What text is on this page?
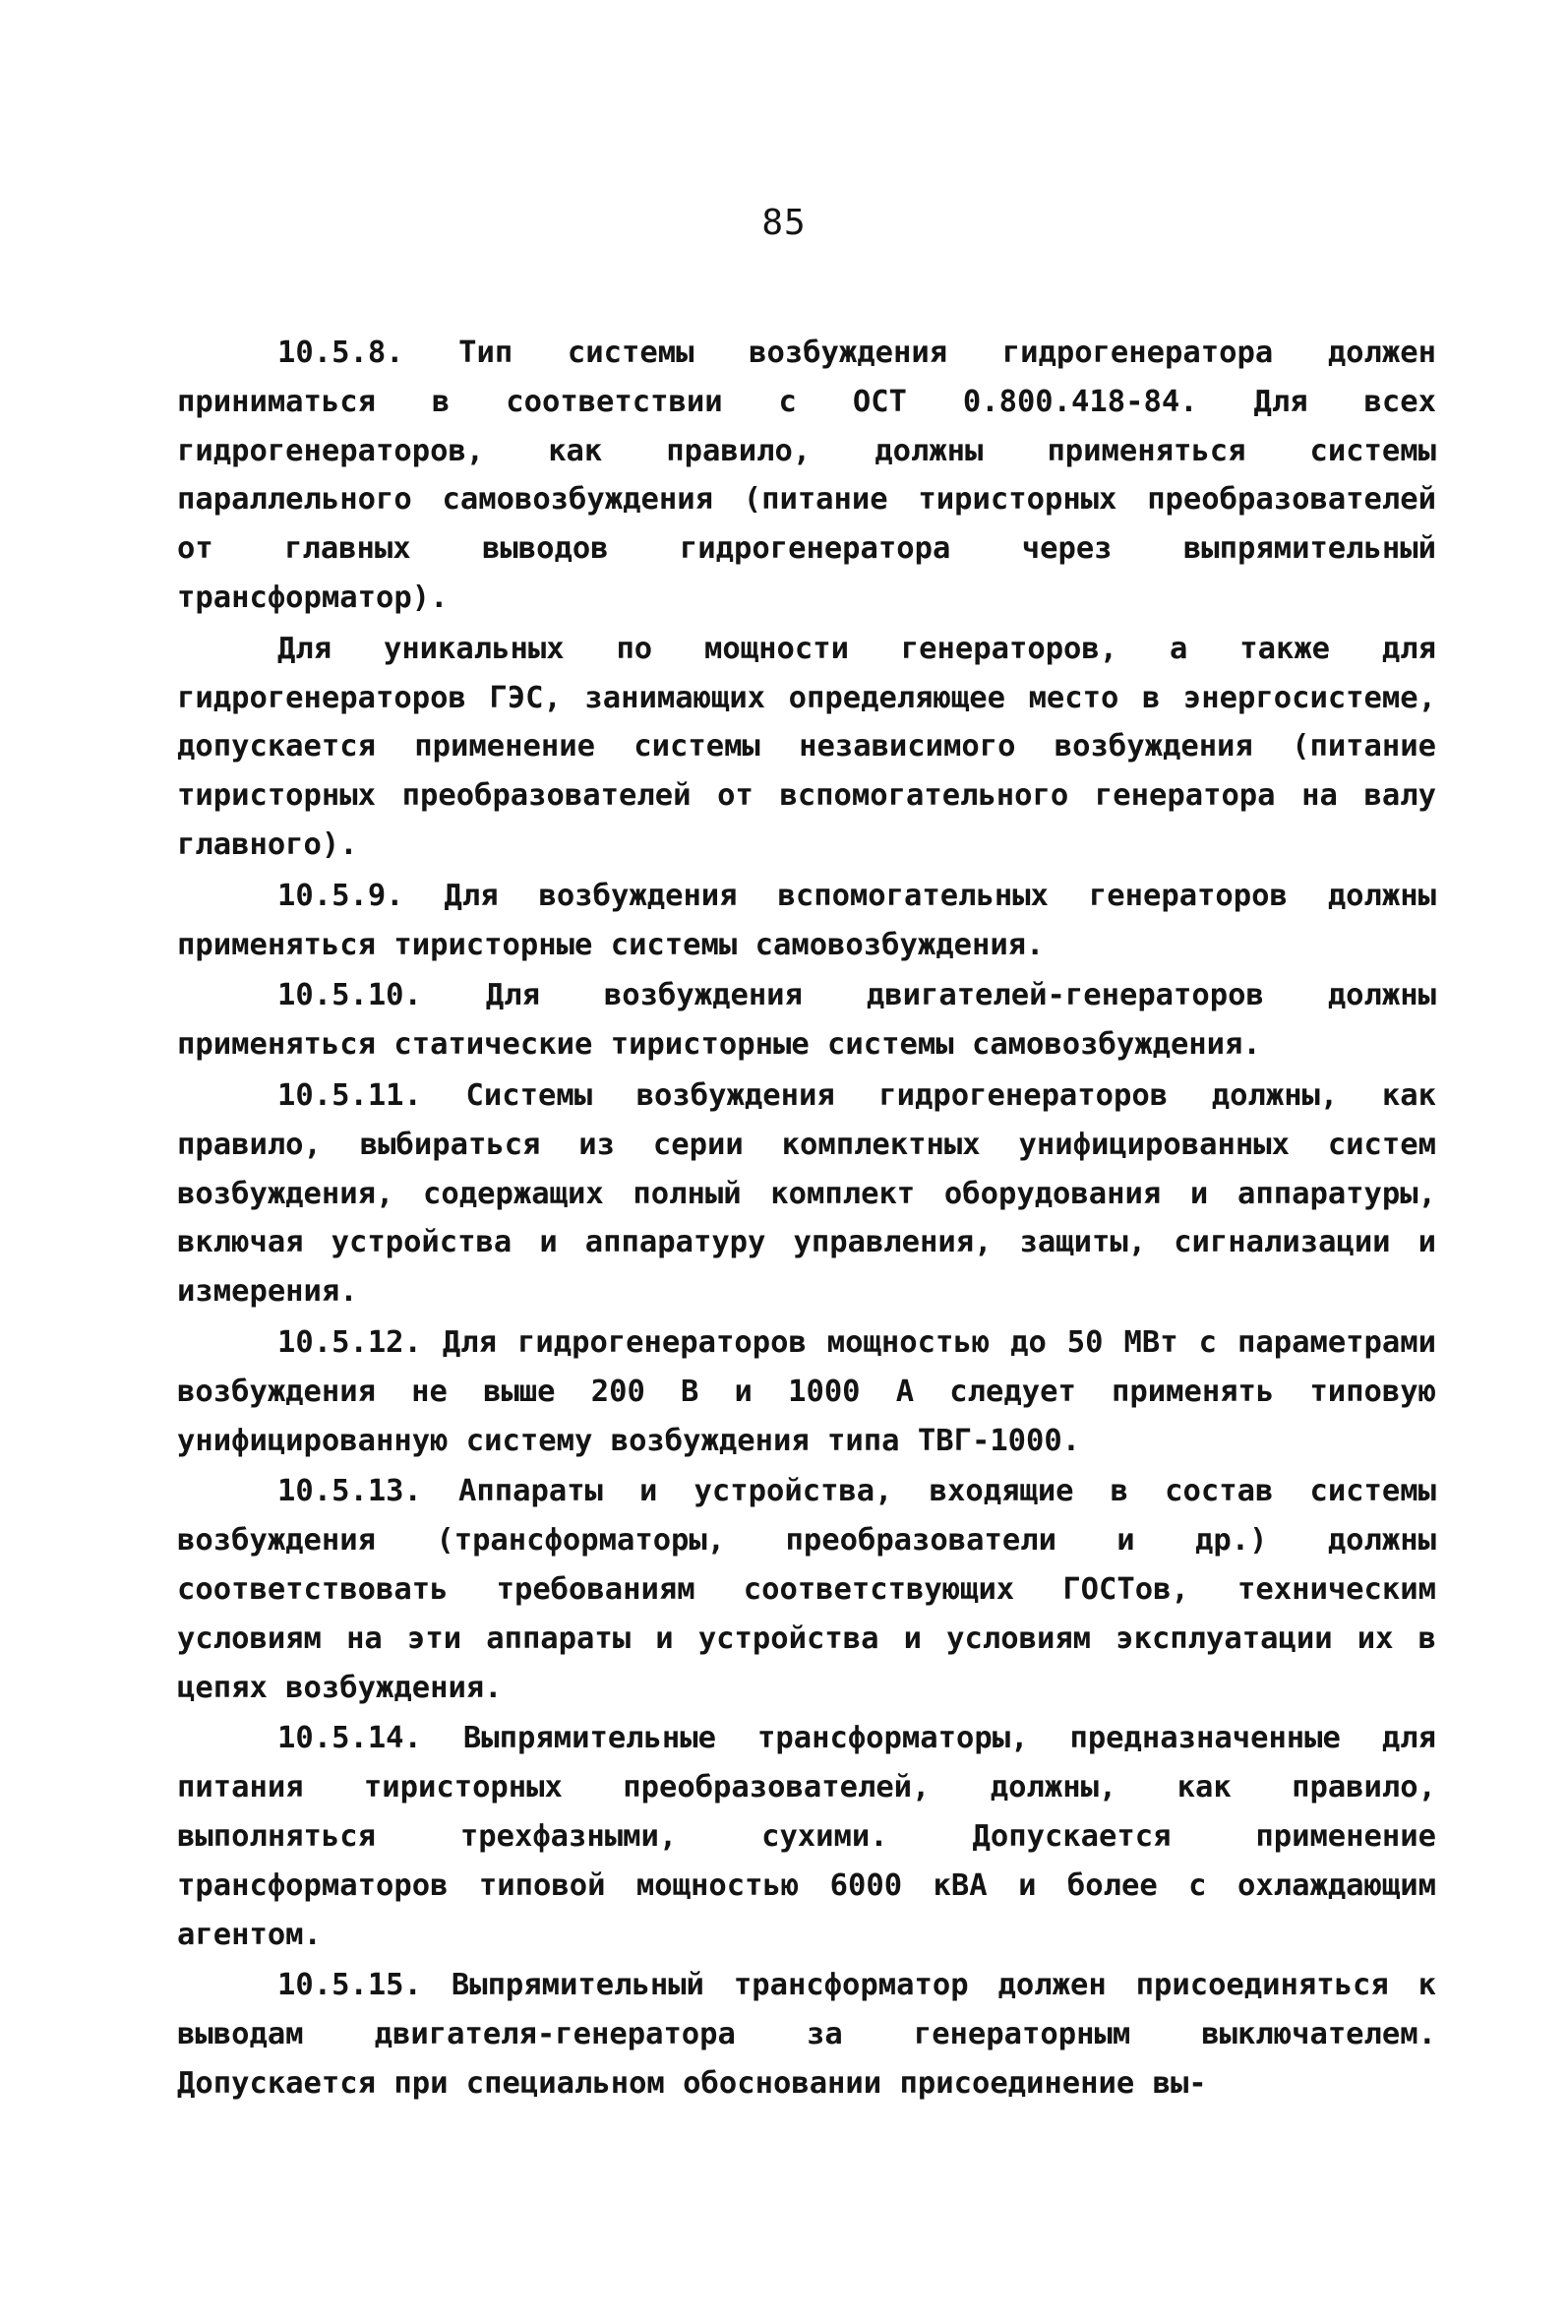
85

10.5.8. Тип системы возбуждения гидрогенератора должен приниматься в соответствии с ОСТ 0.800.418-84. Для всех гидрогенераторов, как правило, должны применяться системы параллельного самовозбуждения (питание тиристорных преобразователей от главных выводов гидрогенератора через выпрямительный трансформатор).

Для уникальных по мощности генераторов, а также для гидрогенераторов ГЭС, занимающих определяющее место в энергосистеме, допускается применение системы независимого возбуждения (питание тиристорных преобразователей от вспомогательного генератора на валу главного).

10.5.9. Для возбуждения вспомогательных генераторов должны применяться тиристорные системы самовозбуждения.

10.5.10. Для возбуждения двигателей-генераторов должны применяться статические тиристорные системы самовозбуждения.

10.5.11. Системы возбуждения гидрогенераторов должны, как правило, выбираться из серии комплектных унифицированных систем возбуждения, содержащих полный комплект оборудования и аппаратуры, включая устройства и аппаратуру управления, защиты, сигнализации и измерения.

10.5.12. Для гидрогенераторов мощностью до 50 МВт с параметрами возбуждения не выше 200 В и 1000 А следует применять типовую унифицированную систему возбуждения типа ТВГ-1000.

10.5.13. Аппараты и устройства, входящие в состав системы возбуждения (трансформаторы, преобразователи и др.) должны соответствовать требованиям соответствующих ГОСТов, техническим условиям на эти аппараты и устройства и условиям эксплуатации их в цепях возбуждения.

10.5.14. Выпрямительные трансформаторы, предназначенные для питания тиристорных преобразователей, должны, как правило, выполняться трехфазными, сухими. Допускается применение трансформаторов типовой мощностью 6000 кВА и более с охлаждающим агентом.

10.5.15. Выпрямительный трансформатор должен присоединяться к выводам двигателя-генератора за генераторным выключателем. Допускается при специальном обосновании присоединение вы-
